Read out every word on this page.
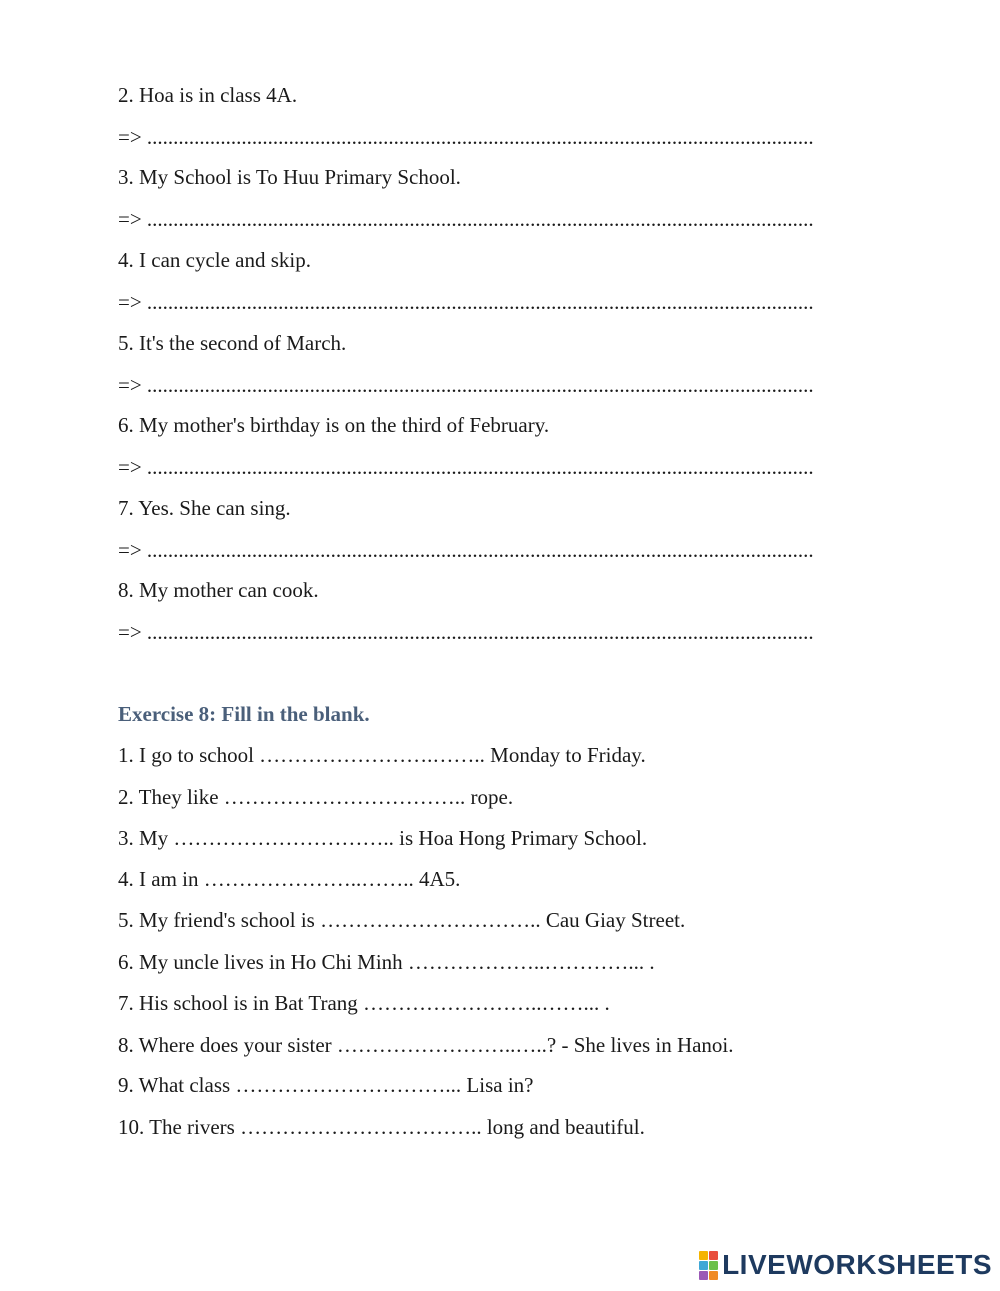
2. Hoa is in class 4A.
=> ...............................................................................................................................
3. My School is To Huu Primary School.
=> ...............................................................................................................................
4. I can cycle and skip.
=> ...............................................................................................................................
5. It's the second of March.
=> ...............................................................................................................................
6. My mother's birthday is on the third of February.
=> ...............................................................................................................................
7. Yes. She can sing.
=> ...............................................................................................................................
8. My mother can cook.
=> ...............................................................................................................................
Exercise 8: Fill in the blank.
1. I go to school …………………….…….. Monday to Friday.
2. They like …………………………….. rope.
3. My ………………………….. is Hoa Hong Primary School.
4. I am in …………………..…….. 4A5.
5. My friend's school is ………………………….. Cau Giay Street.
6. My uncle lives in Ho Chi Minh ………………..…………... .
7. His school is in Bat Trang ……………………..……... .
8. Where does your sister ……………………..…..? - She lives in Hanoi.
9. What class …………………………... Lisa in?
10. The rivers …………………………….. long and beautiful.
LIVEWORKSHEETS
